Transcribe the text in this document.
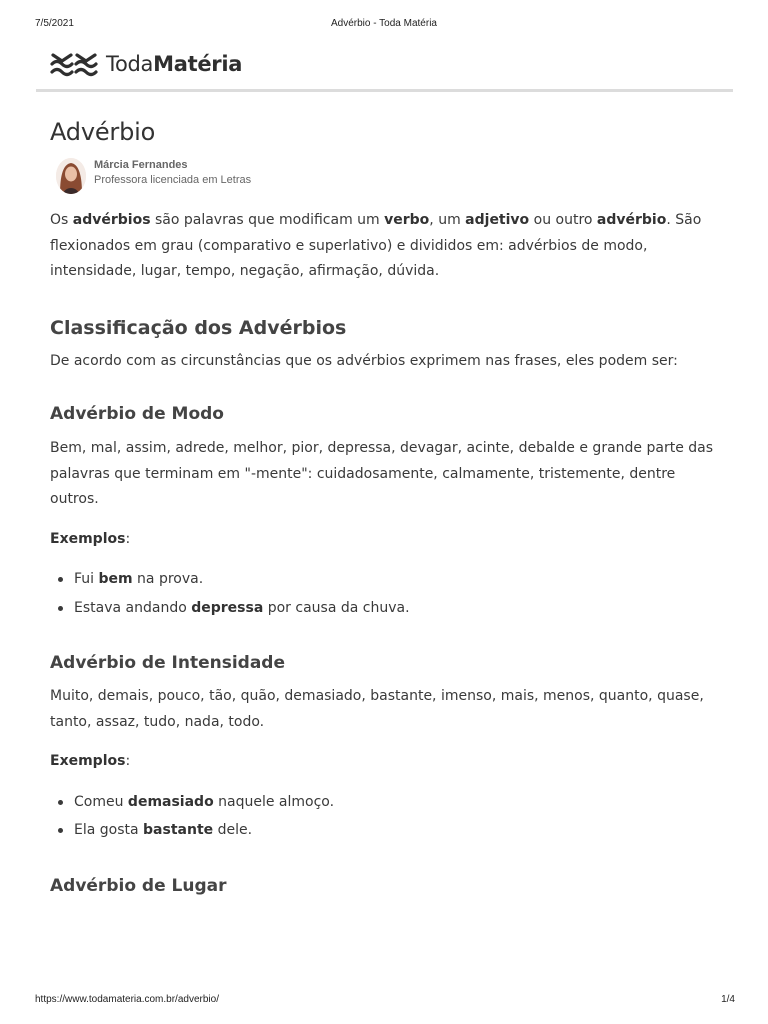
7/5/2021	Advérbio - Toda Matéria
TodaMatéria
Advérbio
Márcia Fernandes
Professora licenciada em Letras

Os advérbios são palavras que modificam um verbo, um adjetivo ou outro advérbio. São flexionados em grau (comparativo e superlativo) e divididos em: advérbios de modo, intensidade, lugar, tempo, negação, afirmação, dúvida.

Classificação dos Advérbios

De acordo com as circunstâncias que os advérbios exprimem nas frases, eles podem ser:

Advérbio de Modo

Bem, mal, assim, adrede, melhor, pior, depressa, devagar, acinte, debalde e grande parte das palavras que terminam em "-mente": cuidadosamente, calmamente, tristemente, dentre outros.

Exemplos:

Fui bem na prova.
Estava andando depressa por causa da chuva.
Advérbio de Intensidade

Muito, demais, pouco, tão, quão, demasiado, bastante, imenso, mais, menos, quanto, quase, tanto, assaz, tudo, nada, todo.

Exemplos:

Comeu demasiado naquele almoço.
Ela gosta bastante dele.
Advérbio de Lugar
https://www.todamateria.com.br/adverbio/	1/4
